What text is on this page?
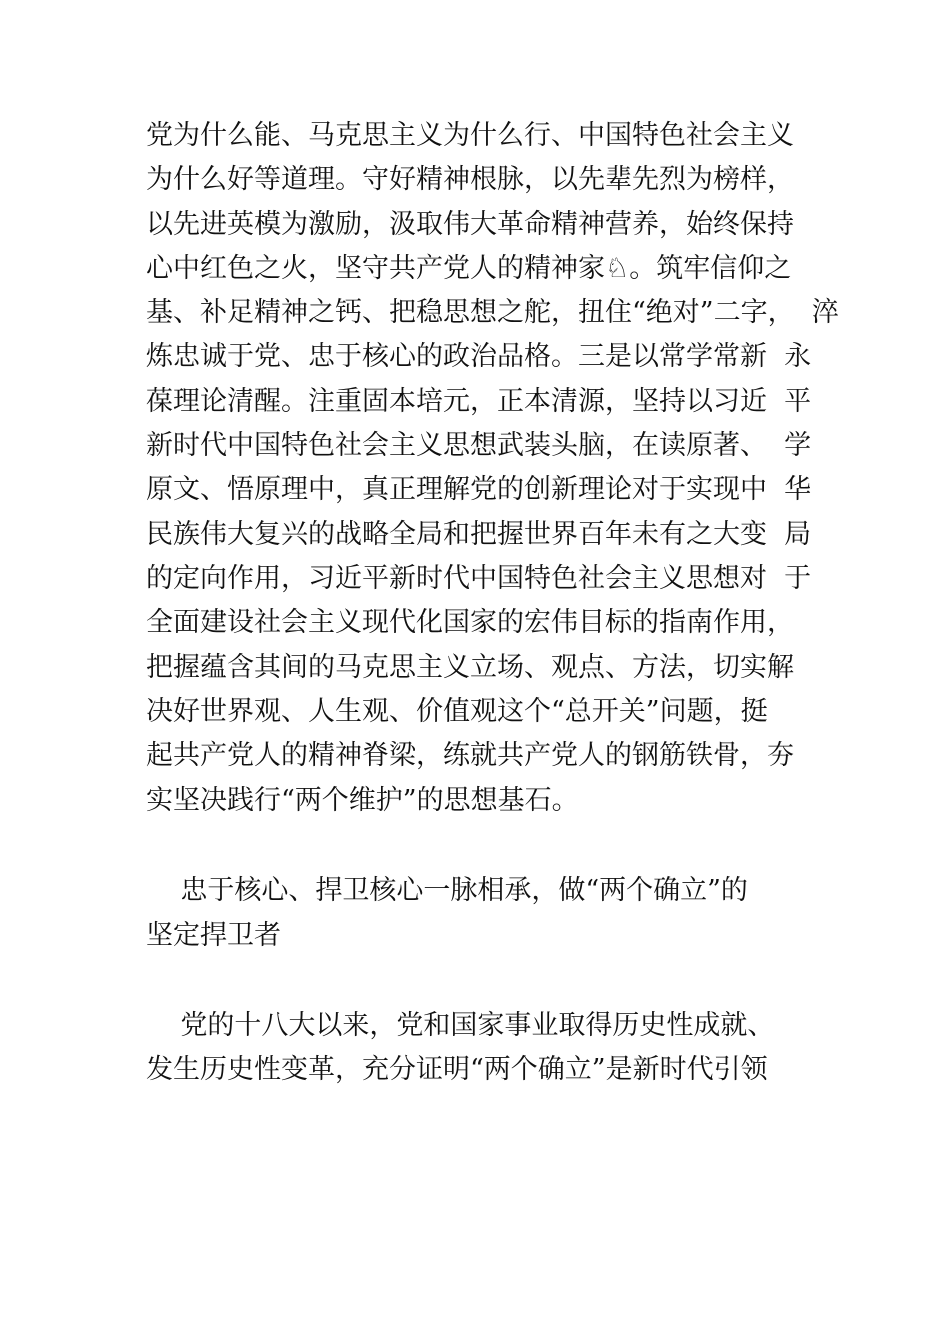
党为什么能、马克思主义为什么行、中国特色社会主义
为什么好等道理。守好精神根脉，以先辈先烈为榜样，
以先进英模为激励，汲取伟大革命精神营养，始终保持
心中红色之火，坚守共产党人的精神家♘。筑牢信仰之
基、补足精神之钙、把稳思想之舵，扭住“绝对”二字，  淬
炼忠诚于党、忠于核心的政治品格。三是以常学常新  永
葆理论清醒。注重固本培元，正本清源，坚持以习近  平
新时代中国特色社会主义思想武装头脑，在读原著、  学
原文、悟原理中，真正理解党的创新理论对于实现中  华
民族伟大复兴的战略全局和把握世界百年未有之大变  局
的定向作用，习近平新时代中国特色社会主义思想对  于
全面建设社会主义现代化国家的宏伟目标的指南作用，
把握蕴含其间的马克思主义立场、观点、方法，切实解
决好世界观、人生观、价值观这个“总开关”问题，挺
起共产党人的精神脊梁，练就共产党人的钢筋铁骨，夯
实坚决践行“两个维护”的思想基石。
忠于核心、捍卫核心一脉相承，做“两个确立”的
坚定捍卫者
党的十八大以来，党和国家事业取得历史性成就、
发生历史性变革，充分证明“两个确立”是新时代引领
